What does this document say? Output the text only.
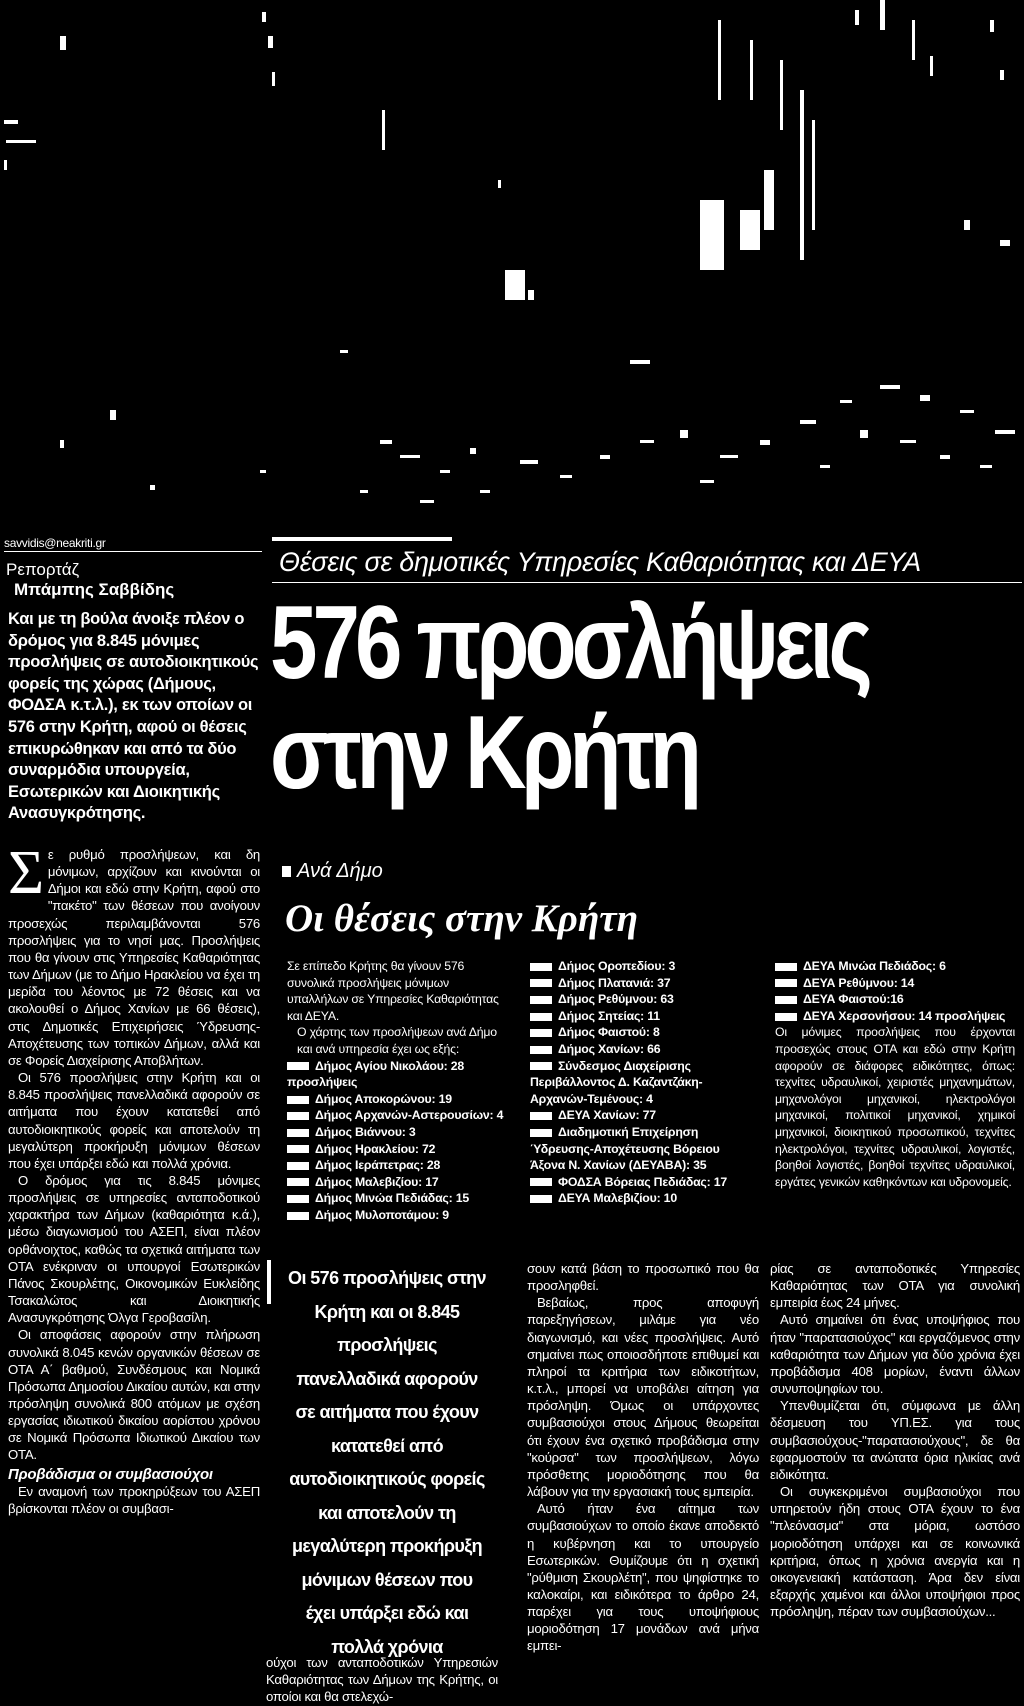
savvidis@neakriti.gr
Ρεπορτάζ
Μπάμπης Σαββίδης
Και με τη βούλα άνοιξε πλέον ο δρόμος για 8.845 μόνιμες προσλήψεις σε αυτοδιοικητικούς φορείς της χώρας (Δήμους, ΦΟΔΣΑ κ.τ.λ.), εκ των οποίων οι 576 στην Κρήτη, αφού οι θέσεις επικυρώθηκαν και από τα δύο συναρμόδια υπουργεία, Εσωτερικών και Διοικητικής Ανασυγκρότησης.

Σε ρυθμό προσλήψεων, και δη μόνιμων, αρχίζουν και κινούνται οι Δήμοι και εδώ στην Κρήτη, αφού στο "πακέτο" των θέσεων που ανοίγουν προσεχώς περιλαμβάνονται 576 προσλήψεις για το νησί μας. Προσλήψεις που θα γίνουν στις Υπηρεσίες Καθαριότητας των Δήμων (με το Δήμο Ηρακλείου να έχει τη μερίδα του λέοντος με 72 θέσεις και να ακολουθεί ο Δήμος Χανίων με 66 θέσεις), στις Δημοτικές Επιχειρήσεις Ύδρευσης-Αποχέτευσης των τοπικών Δήμων, αλλά και σε Φορείς Διαχείρισης Αποβλήτων.

Οι 576 προσλήψεις στην Κρήτη και οι 8.845 προσλήψεις πανελλαδικά αφορούν σε αιτήματα που έχουν κατατεθεί από αυτοδιοικητικούς φορείς και αποτελούν τη μεγαλύτερη προκήρυξη μόνιμων θέσεων που έχει υπάρξει εδώ και πολλά χρόνια.

Ο δρόμος για τις 8.845 μόνιμες προσλήψεις σε υπηρεσίες ανταποδοτικού χαρακτήρα των Δήμων (καθαριότητα κ.ά.), μέσω διαγωνισμού του ΑΣΕΠ, είναι πλέον ορθάνοιχτος, καθώς τα σχετικά αιτήματα των ΟΤΑ ενέκριναν οι υπουργοί Εσωτερικών Πάνος Σκουρλέτης, Οικονομικών Ευκλείδης Τσακαλώτος και Διοικητικής Ανασυγκρότησης Όλγα Γεροβασίλη.

Οι αποφάσεις αφορούν στην πλήρωση συνολικά 8.045 κενών οργανικών θέσεων σε ΟΤΑ Α΄ βαθμού, Συνδέσμους και Νομικά Πρόσωπα Δημοσίου Δικαίου αυτών, και στην πρόσληψη συνολικά 800 ατόμων με σχέση εργασίας ιδιωτικού δικαίου αορίστου χρόνου σε Νομικά Πρόσωπα Ιδιωτικού Δικαίου των ΟΤΑ.

Προβάδισμα οι συμβασιούχοι

Εν αναμονή των προκηρύξεων του ΑΣΕΠ βρίσκονται πλέον οι συμβασι-

Θέσεις σε δημοτικές Υπηρεσίες Καθαριότητας και ΔΕΥΑ
576 προσλήψεις
στην Κρήτη
Ανά Δήμο
Οι θέσεις στην Κρήτη
Σε επίπεδο Κρήτης θα γίνουν 576 συνολικά προσλήψεις μόνιμων υπαλλήλων σε Υπηρεσίες Καθαριότητας και ΔΕΥΑ.
Ο χάρτης των προσλήψεων ανά Δήμο και ανά υπηρεσία έχει ως εξής:
Δήμος Αγίου Νικολάου: 28 προσλήψεις
Δήμος Αποκορώνου: 19
Δήμος Αρχανών-Αστερουσίων: 4
Δήμος Βιάννου: 3
Δήμος Ηρακλείου: 72
Δήμος Ιεράπετρας: 28
Δήμος Μαλεβιζίου: 17
Δήμος Μινώα Πεδιάδας: 15
Δήμος Μυλοποτάμου: 9
Δήμος Οροπεδίου: 3
Δήμος Πλατανιά: 37
Δήμος Ρεθύμνου: 63
Δήμος Σητείας: 11
Δήμος Φαιστού: 8
Δήμος Χανίων: 66
Σύνδεσμος Διαχείρισης Περιβάλλοντος Δ. Καζαντζάκη-Αρχανών-Τεμένους: 4
ΔΕΥΑ Χανίων: 77
Διαδημοτική Επιχείρηση Ύδρευσης-Αποχέτευσης Βόρειου Άξονα Ν. Χανίων (ΔΕΥΑΒΑ): 35
ΦΟΔΣΑ Βόρειας Πεδιάδας: 17
ΔΕΥΑ Μαλεβιζίου: 10
ΔΕΥΑ Μινώα Πεδιάδος: 6
ΔΕΥΑ Ρεθύμνου: 14
ΔΕΥΑ Φαιστού:16
ΔΕΥΑ Χερσονήσου: 14 προσλήψεις
Οι μόνιμες προσλήψεις που έρχονται προσεχώς στους ΟΤΑ και εδώ στην Κρήτη αφορούν σε διάφορες ειδικότητες, όπως: τεχνίτες υδραυλικοί, χειριστές μηχανημάτων, μηχανολόγοι μηχανικοί, ηλεκτρολόγοι μηχανικοί, πολιτικοί μηχανικοί, χημικοί μηχανικοί, διοικητικού προσωπικού, τεχνίτες ηλεκτρολόγοι, τεχνίτες υδραυλικοί, λογιστές, βοηθοί λογιστές, βοηθοί τεχνίτες υδραυλικοί, εργάτες γενικών καθηκόντων και υδρονομείς.
Οι 576 προσλήψεις στην Κρήτη και οι 8.845 προσλήψεις πανελλαδικά αφορούν σε αιτήματα που έχουν κατατεθεί από αυτοδιοικητικούς φορείς και αποτελούν τη μεγαλύτερη προκήρυξη μόνιμων θέσεων που έχει υπάρξει εδώ και πολλά χρόνια

ούχοι των ανταποδοτικών Υπηρεσιών Καθαριότητας των Δήμων της Κρήτης, οι οποίοι και θα στελεχώ-

σουν κατά βάση το προσωπικό που θα προσληφθεί.

Βεβαίως, προς αποφυγή παρεξηγήσεων, μιλάμε για νέο διαγωνισμό, και νέες προσλήψεις. Αυτό σημαίνει πως οποιοσδήποτε επιθυμεί και πληροί τα κριτήρια των ειδικοτήτων, κ.τ.λ., μπορεί να υποβάλει αίτηση για πρόσληψη. Όμως οι υπάρχοντες συμβασιούχοι στους Δήμους θεωρείται ότι έχουν ένα σχετικό προβάδισμα στην "κούρσα" των προσλήψεων, λόγω πρόσθετης μοριοδότησης που θα λάβουν για την εργασιακή τους εμπειρία.

Αυτό ήταν ένα αίτημα των συμβασιούχων το οποίο έκανε αποδεκτό η κυβέρνηση και το υπουργείο Εσωτερικών. Θυμίζουμε ότι η σχετική "ρύθμιση Σκουρλέτη", που ψηφίστηκε το καλοκαίρι, και ειδικότερα το άρθρο 24, παρέχει για τους υποψήφιους μοριοδότηση 17 μονάδων ανά μήνα εμπει-

ρίας σε ανταποδοτικές Υπηρεσίες Καθαριότητας των ΟΤΑ για συνολική εμπειρία έως 24 μήνες.

Αυτό σημαίνει ότι ένας υποψήφιος που ήταν "παρατασιούχος" και εργαζόμενος στην καθαριότητα των Δήμων για δύο χρόνια έχει προβάδισμα 408 μορίων, έναντι άλλων συνυποψηφίων του.

Υπενθυμίζεται ότι, σύμφωνα με άλλη δέσμευση του ΥΠ.ΕΣ. για τους συμβασιούχους-"παρατασιούχους", δε θα εφαρμοστούν τα ανώτατα όρια ηλικίας ανά ειδικότητα.

Οι συγκεκριμένοι συμβασιούχοι που υπηρετούν ήδη στους ΟΤΑ έχουν το ένα "πλεόνασμα" στα μόρια, ωστόσο μοριοδότηση υπάρχει και σε κοινωνικά κριτήρια, όπως η χρόνια ανεργία και η οικογενειακή κατάσταση. Άρα δεν είναι εξαρχής χαμένοι και άλλοι υποψήφιοι προς πρόσληψη, πέραν των συμβασιούχων...
